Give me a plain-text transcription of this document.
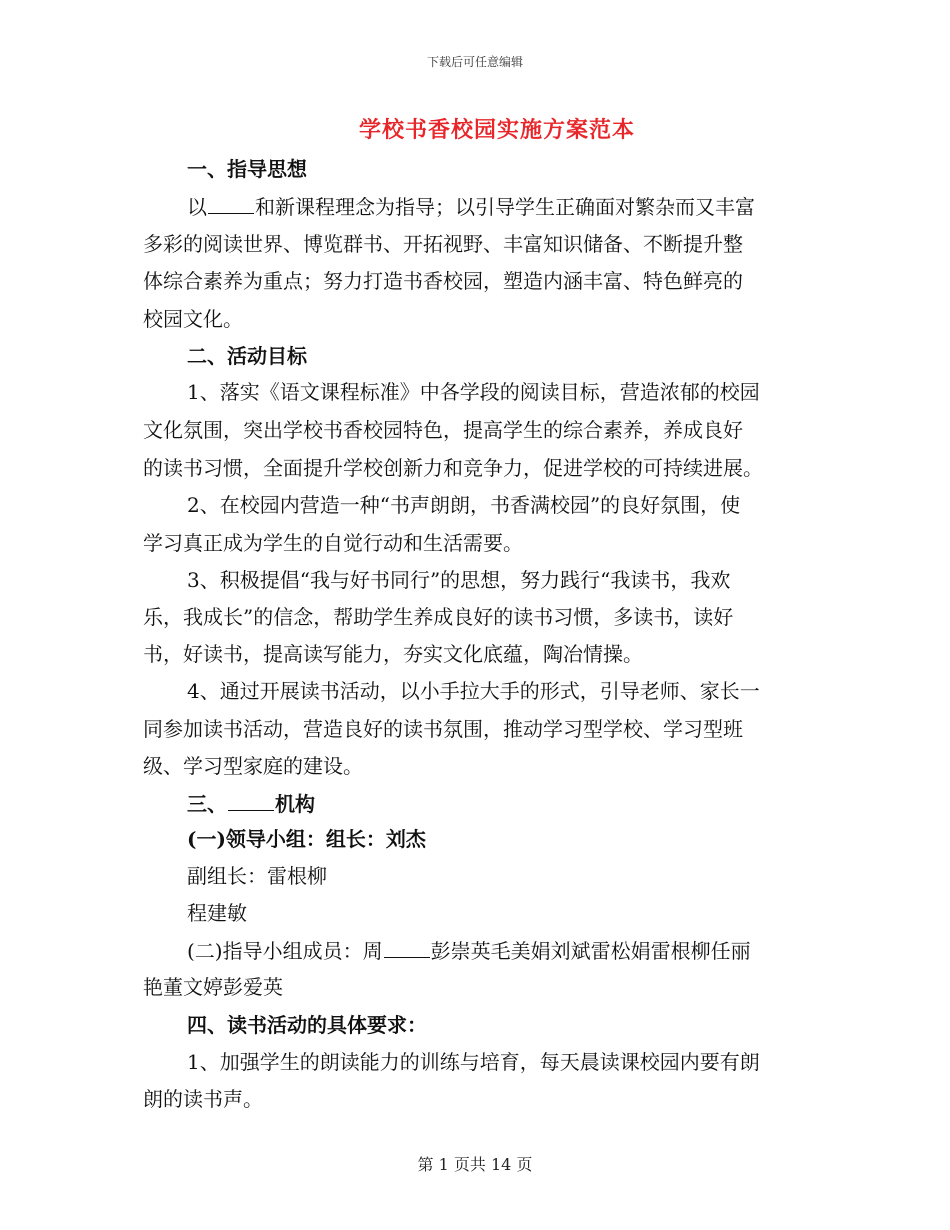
下载后可任意编辑
学校书香校园实施方案范本
一、指导思想
以 和新课程理念为指导；以引导学生正确面对繁杂而又丰富
多彩的阅读世界、博览群书、开拓视野、丰富知识储备、不断提升整
体综合素养为重点；努力打造书香校园，塑造内涵丰富、特色鲜亮的
校园文化。
二、活动目标
1、落实《语文课程标准》中各学段的阅读目标，营造浓郁的校园
文化氛围，突出学校书香校园特色，提高学生的综合素养，养成良好
的读书习惯，全面提升学校创新力和竞争力，促进学校的可持续进展。
2、在校园内营造一种“书声朗朗，书香满校园”的良好氛围，使
学习真正成为学生的自觉行动和生活需要。
3、积极提倡“我与好书同行”的思想，努力践行“我读书，我欢
乐，我成长”的信念，帮助学生养成良好的读书习惯，多读书，读好
书，好读书，提高读写能力，夯实文化底蕴，陶冶情操。
4、通过开展读书活动，以小手拉大手的形式，引导老师、家长一
同参加读书活动，营造良好的读书氛围，推动学习型学校、学习型班
级、学习型家庭的建设。
三、 机构
(一)领导小组：组长：刘杰
副组长：雷根柳
程建敏
(二)指导小组成员：周 彭崇英毛美娟刘斌雷松娟雷根柳任丽
艳董文婷彭爱英
四、读书活动的具体要求：
1、加强学生的朗读能力的训练与培育，每天晨读课校园内要有朗
朗的读书声。
第 1 页共 14 页
